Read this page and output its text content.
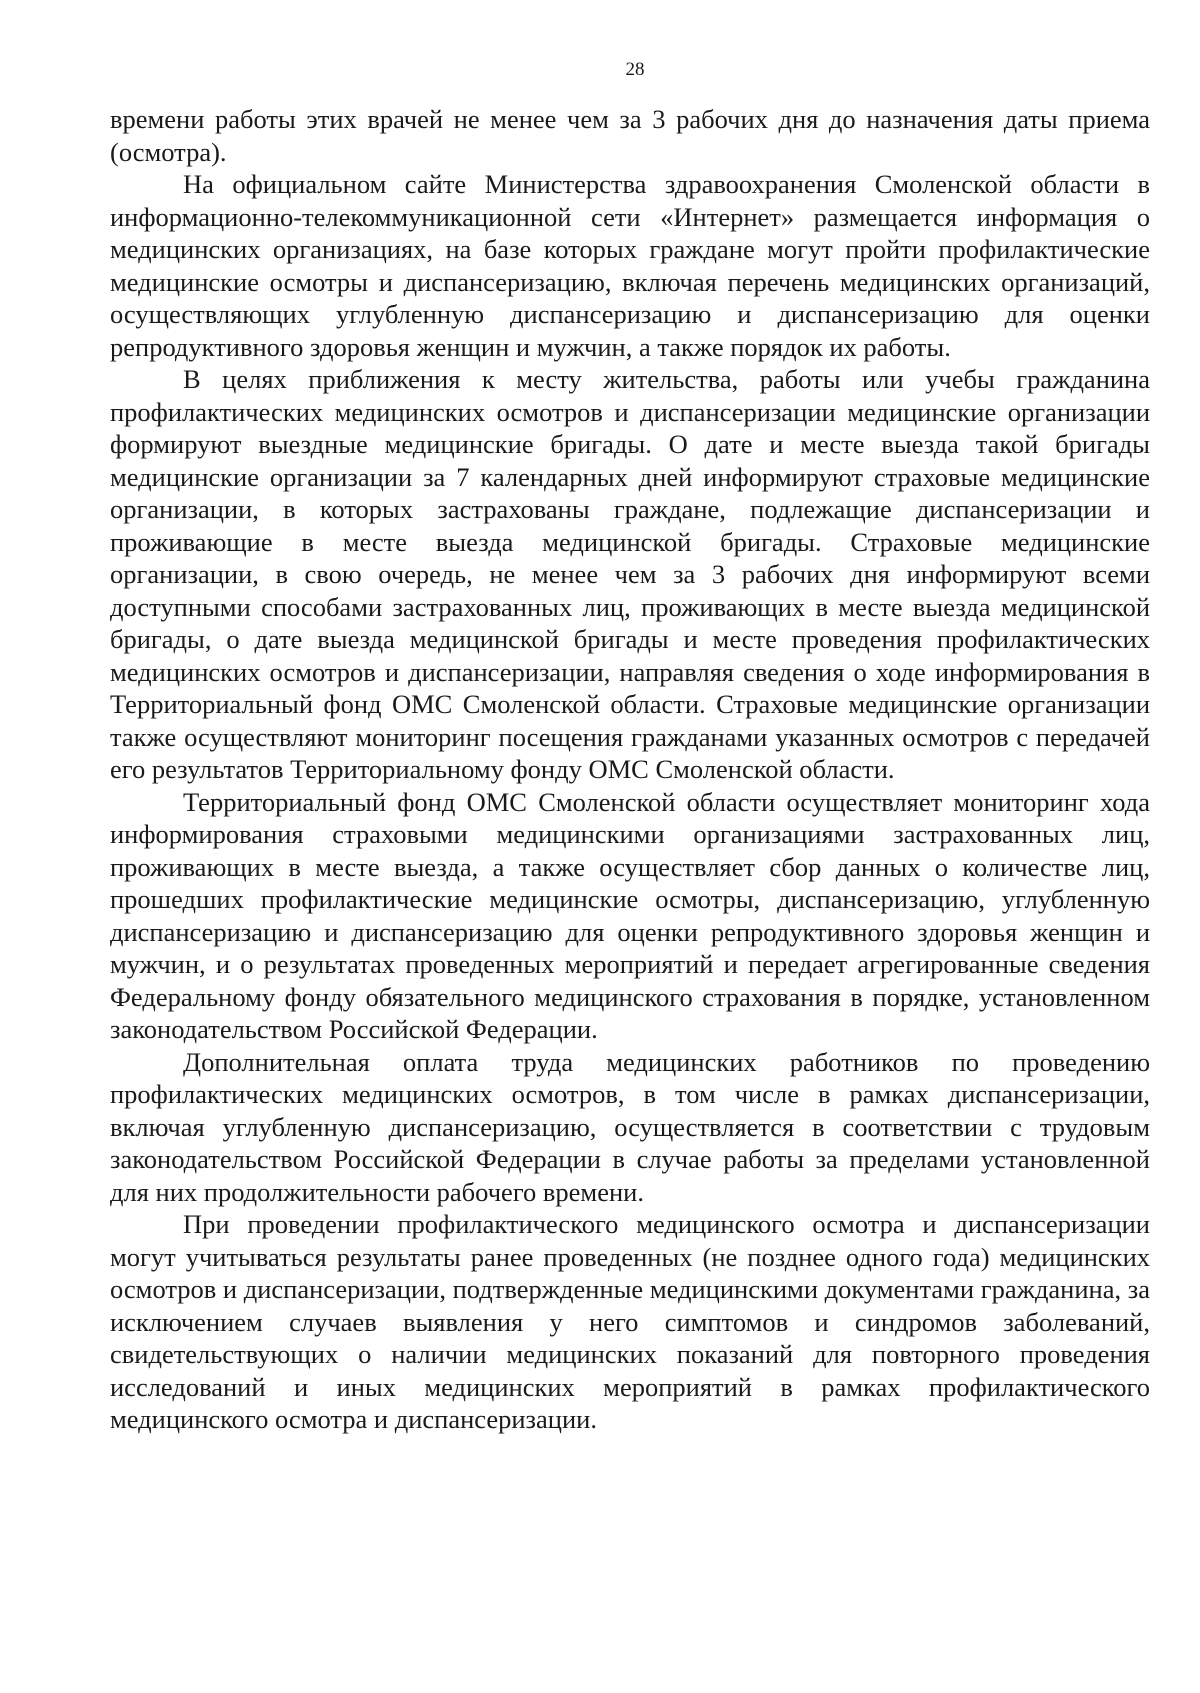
28

времени работы этих врачей не менее чем за 3 рабочих дня до назначения даты приема (осмотра).

На официальном сайте Министерства здравоохранения Смоленской области в информационно-телекоммуникационной сети «Интернет» размещается информация о медицинских организациях, на базе которых граждане могут пройти профилактические медицинские осмотры и диспансеризацию, включая перечень медицинских организаций, осуществляющих углубленную диспансеризацию и диспансеризацию для оценки репродуктивного здоровья женщин и мужчин, а также порядок их работы.

В целях приближения к месту жительства, работы или учебы гражданина профилактических медицинских осмотров и диспансеризации медицинские организации формируют выездные медицинские бригады. О дате и месте выезда такой бригады медицинские организации за 7 календарных дней информируют страховые медицинские организации, в которых застрахованы граждане, подлежащие диспансеризации и проживающие в месте выезда медицинской бригады. Страховые медицинские организации, в свою очередь, не менее чем за 3 рабочих дня информируют всеми доступными способами застрахованных лиц, проживающих в месте выезда медицинской бригады, о дате выезда медицинской бригады и месте проведения профилактических медицинских осмотров и диспансеризации, направляя сведения о ходе информирования в Территориальный фонд ОМС Смоленской области. Страховые медицинские организации также осуществляют мониторинг посещения гражданами указанных осмотров с передачей его результатов Территориальному фонду ОМС Смоленской области.

Территориальный фонд ОМС Смоленской области осуществляет мониторинг хода информирования страховыми медицинскими организациями застрахованных лиц, проживающих в месте выезда, а также осуществляет сбор данных о количестве лиц, прошедших профилактические медицинские осмотры, диспансеризацию, углубленную диспансеризацию и диспансеризацию для оценки репродуктивного здоровья женщин и мужчин, и о результатах проведенных мероприятий и передает агрегированные сведения Федеральному фонду обязательного медицинского страхования в порядке, установленном законодательством Российской Федерации.

Дополнительная оплата труда медицинских работников по проведению профилактических медицинских осмотров, в том числе в рамках диспансеризации, включая углубленную диспансеризацию, осуществляется в соответствии с трудовым законодательством Российской Федерации в случае работы за пределами установленной для них продолжительности рабочего времени.

При проведении профилактического медицинского осмотра и диспансеризации могут учитываться результаты ранее проведенных (не позднее одного года) медицинских осмотров и диспансеризации, подтвержденные медицинскими документами гражданина, за исключением случаев выявления у него симптомов и синдромов заболеваний, свидетельствующих о наличии медицинских показаний для повторного проведения исследований и иных медицинских мероприятий в рамках профилактического медицинского осмотра и диспансеризации.
